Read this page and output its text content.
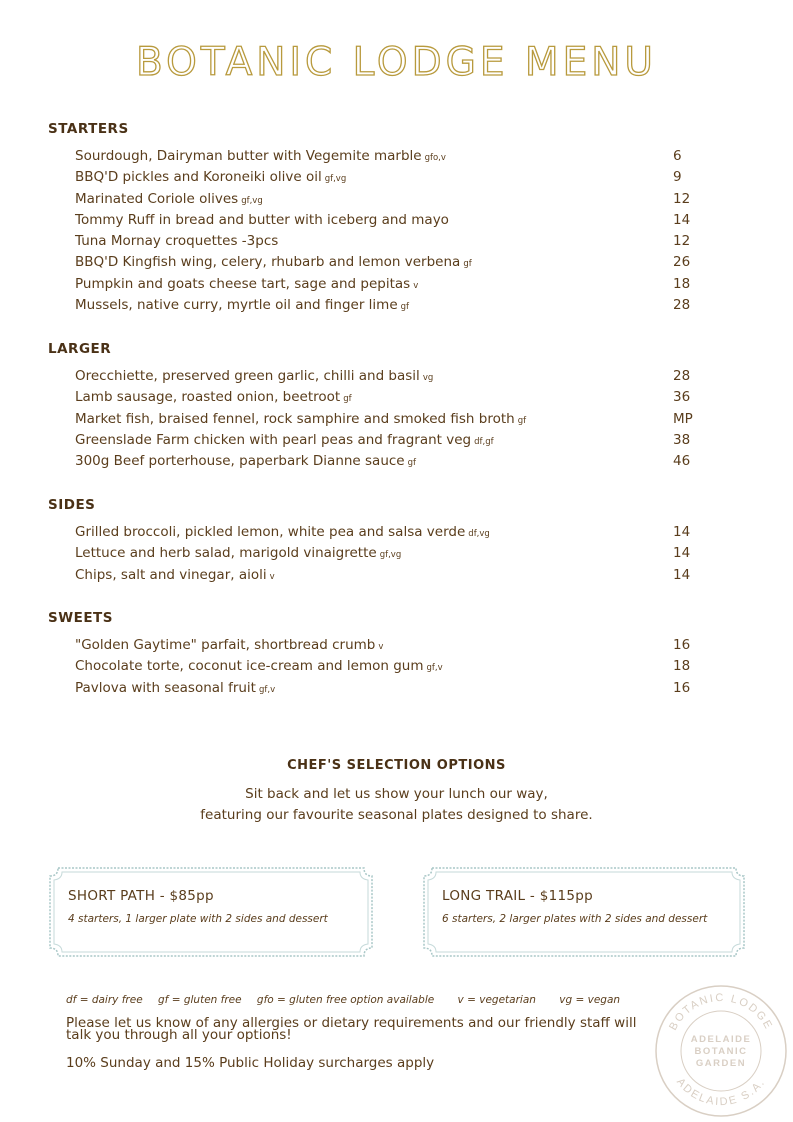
BOTANIC LODGE MENU
STARTERS
Sourdough, Dairyman butter with Vegemite marble gfo,v	6
BBQ'D pickles and Koroneiki olive oil gf,vg	9
Marinated Coriole olives gf,vg	12
Tommy Ruff in bread and butter with iceberg and mayo	14
Tuna Mornay croquettes -3pcs	12
BBQ'D Kingfish wing, celery, rhubarb and lemon verbena gf	26
Pumpkin and goats cheese tart, sage and pepitas v	18
Mussels, native curry, myrtle oil and finger lime gf	28
LARGER
Orecchiette, preserved green garlic, chilli and basil vg	28
Lamb sausage, roasted onion, beetroot gf	36
Market fish, braised fennel, rock samphire and smoked fish broth gf	MP
Greenslade Farm chicken with pearl peas and fragrant veg df,gf	38
300g Beef porterhouse, paperbark Dianne sauce gf	46
SIDES
Grilled broccoli, pickled lemon, white pea and salsa verde df,vg	14
Lettuce and herb salad, marigold vinaigrette gf,vg	14
Chips, salt and vinegar, aioli v	14
SWEETS
"Golden Gaytime" parfait, shortbread crumb v	16
Chocolate torte, coconut ice-cream and lemon gum gf,v	18
Pavlova with seasonal fruit gf,v	16
CHEF'S SELECTION OPTIONS
Sit back and let us show your lunch our way,
featuring our favourite seasonal plates designed to share.
SHORT PATH - $85pp
4 starters, 1 larger plate with 2 sides and dessert
LONG TRAIL - $115pp
6 starters, 2 larger plates with 2 sides and dessert
df = dairy free gf = gluten free gfo = gluten free option available v = vegetarian vg = vegan
Please let us know of any allergies or dietary requirements and our friendly staff will talk you through all your options!
10% Sunday and 15% Public Holiday surcharges apply
BOTANIC LODGE
ADELAIDE S.A.
ADELAIDE
BOTANIC
GARDEN
